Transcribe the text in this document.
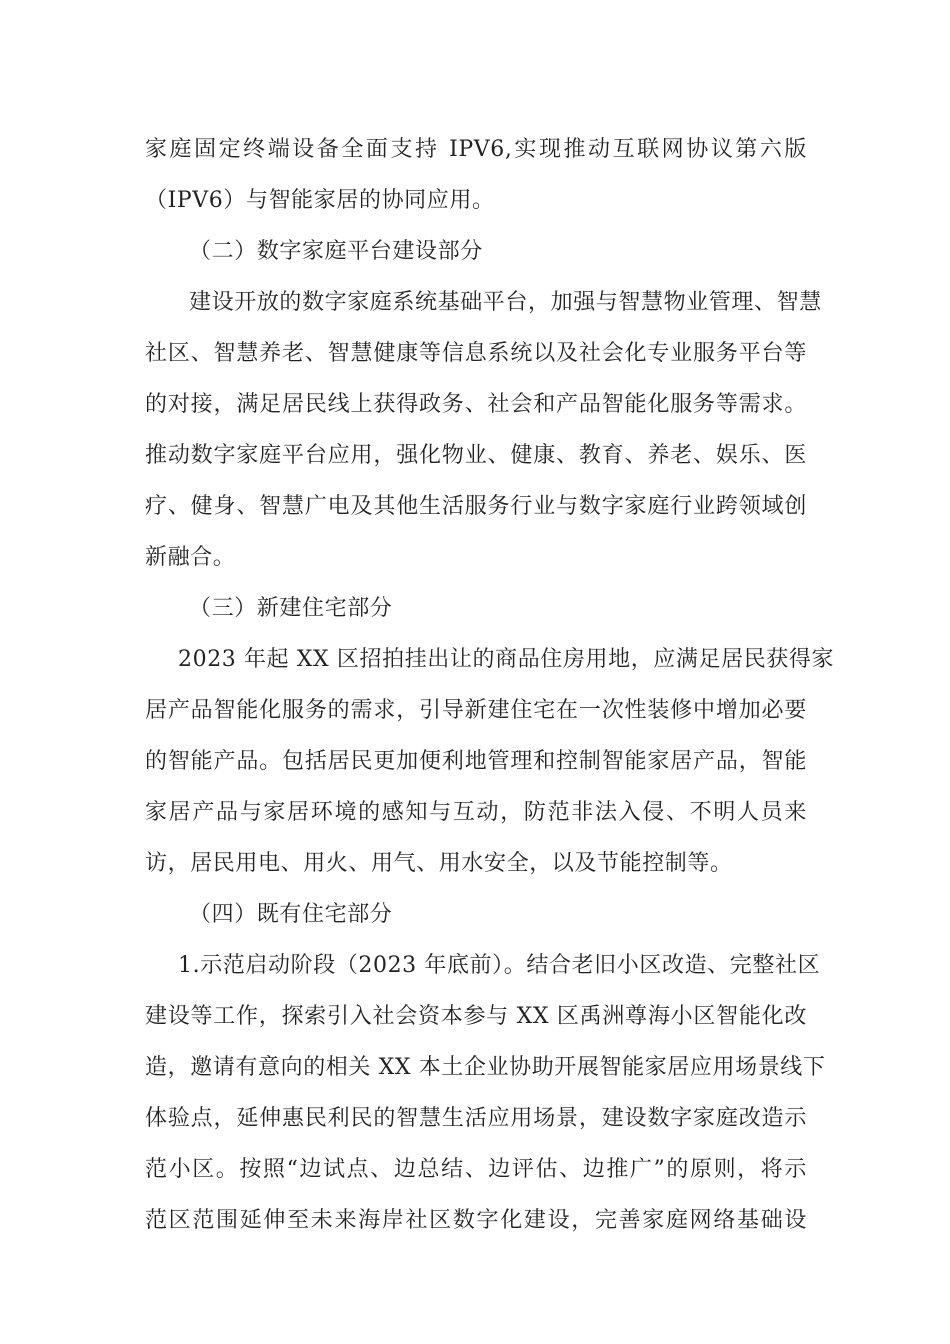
家庭固定终端设备全面支持 IPV6,实现推动互联网协议第六版
（IPV6）与智能家居的协同应用。
（二）数字家庭平台建设部分
建设开放的数字家庭系统基础平台，加强与智慧物业管理、智慧
社区、智慧养老、智慧健康等信息系统以及社会化专业服务平台等
的对接，满足居民线上获得政务、社会和产品智能化服务等需求。
推动数字家庭平台应用，强化物业、健康、教育、养老、娱乐、医
疗、健身、智慧广电及其他生活服务行业与数字家庭行业跨领域创
新融合。
（三）新建住宅部分
2023 年起 XX 区招拍挂出让的商品住房用地，应满足居民获得家
居产品智能化服务的需求，引导新建住宅在一次性装修中增加必要
的智能产品。包括居民更加便利地管理和控制智能家居产品，智能
家居产品与家居环境的感知与互动，防范非法入侵、不明人员来
访，居民用电、用火、用气、用水安全，以及节能控制等。
（四）既有住宅部分
1.示范启动阶段（2023 年底前）。结合老旧小区改造、完整社区
建设等工作，探索引入社会资本参与 XX 区禹洲尊海小区智能化改
造，邀请有意向的相关 XX 本土企业协助开展智能家居应用场景线下
体验点，延伸惠民利民的智慧生活应用场景，建设数字家庭改造示
范小区。按照“边试点、边总结、边评估、边推广”的原则，将示
范区范围延伸至未来海岸社区数字化建设，完善家庭网络基础设
